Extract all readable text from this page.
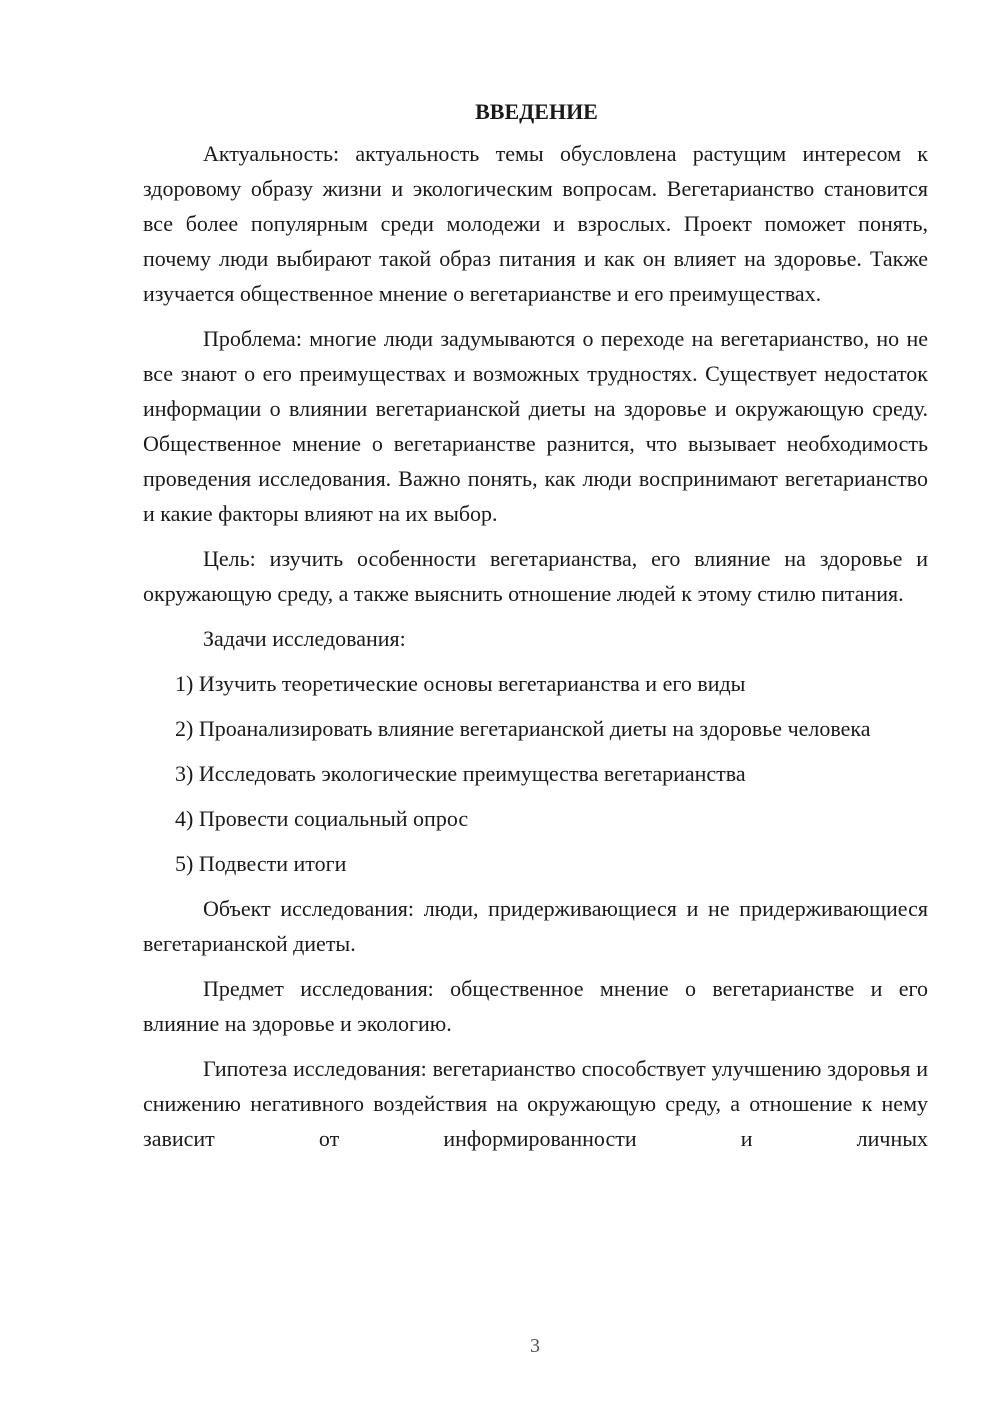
ВВЕДЕНИЕ

Актуальность: актуальность темы обусловлена растущим интересом к здоровому образу жизни и экологическим вопросам. Вегетарианство становится все более популярным среди молодежи и взрослых. Проект поможет понять, почему люди выбирают такой образ питания и как он влияет на здоровье. Также изучается общественное мнение о вегетарианстве и его преимуществах.

Проблема: многие люди задумываются о переходе на вегетарианство, но не все знают о его преимуществах и возможных трудностях. Существует недостаток информации о влиянии вегетарианской диеты на здоровье и окружающую среду. Общественное мнение о вегетарианстве разнится, что вызывает необходимость проведения исследования. Важно понять, как люди воспринимают вегетарианство и какие факторы влияют на их выбор.

Цель: изучить особенности вегетарианства, его влияние на здоровье и окружающую среду, а также выяснить отношение людей к этому стилю питания.

Задачи исследования:

1) Изучить теоретические основы вегетарианства и его виды

2) Проанализировать влияние вегетарианской диеты на здоровье человека

3) Исследовать экологические преимущества вегетарианства

4) Провести социальный опрос

5) Подвести итоги

Объект исследования: люди, придерживающиеся и не придерживающиеся вегетарианской диеты.

Предмет исследования: общественное мнение о вегетарианстве и его влияние на здоровье и экологию.

Гипотеза исследования: вегетарианство способствует улучшению здоровья и снижению негативного воздействия на окружающую среду, а отношение к нему зависит от информированности и личных

3
